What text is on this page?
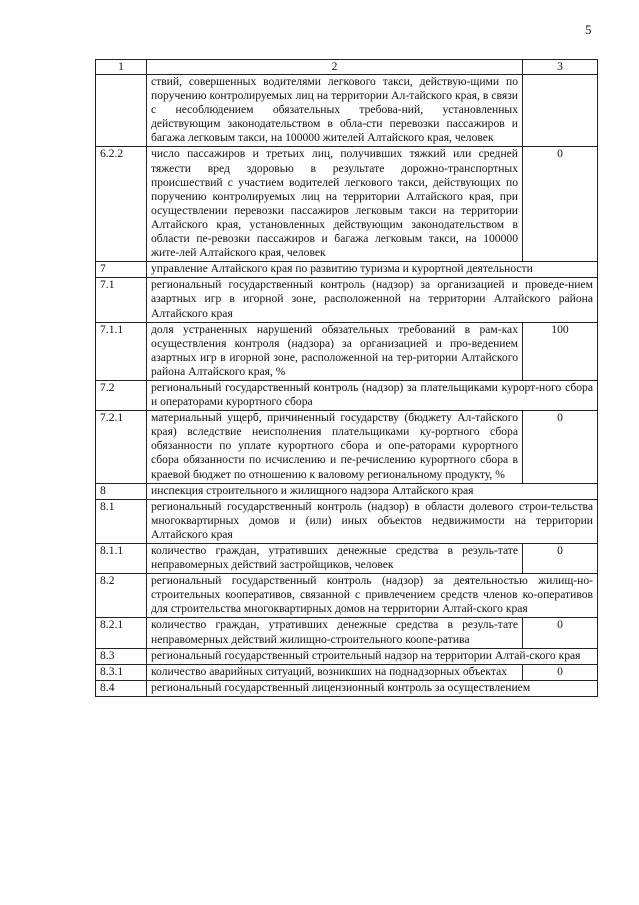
5
1	2	3
	ствий, совершенных водителями легкового такси, действую-щими по поручению контролируемых лиц на территории Ал-тайского края, в связи с несоблюдением обязательных требова-ний, установленных действующим законодательством в обла-сти перевозки пассажиров и багажа легковым такси, на 100000 жителей Алтайского края, человек	
6.2.2	число пассажиров и третьих лиц, получивших тяжкий или средней тяжести вред здоровью в результате дорожно-транспортных происшествий с участием водителей легкового такси, действующих по поручению контролируемых лиц на территории Алтайского края, при осуществлении перевозки пассажиров легковым такси на территории Алтайского края, установленных действующим законодательством в области пе-ревозки пассажиров и багажа легковым такси, на 100000 жите-лей Алтайского края, человек	0
7	управление Алтайского края по развитию туризма и курортной деятельности	
7.1	региональный государственный контроль (надзор) за организацией и проведе-нием азартных игр в игорной зоне, расположенной на территории Алтайского района Алтайского края	
7.1.1	доля устраненных нарушений обязательных требований в рам-ках осуществления контроля (надзора) за организацией и про-ведением азартных игр в игорной зоне, расположенной на тер-ритории Алтайского района Алтайского края, %	100
7.2	региональный государственный контроль (надзор) за плательщиками курорт-ного сбора и операторами курортного сбора	
7.2.1	материальный ущерб, причиненный государству (бюджету Ал-тайского края) вследствие неисполнения плательщиками ку-рортного сбора обязанности по уплате курортного сбора и опе-раторами курортного сбора обязанности по исчислению и пе-речислению курортного сбора в краевой бюджет по отношению к валовому региональному продукту, %	0
8	инспекция строительного и жилищного надзора Алтайского края	
8.1	региональный государственный контроль (надзор) в области долевого строи-тельства многоквартирных домов и (или) иных объектов недвижимости на территории Алтайского края	
8.1.1	количество граждан, утративших денежные средства в резуль-тате неправомерных действий застройщиков, человек	0
8.2	региональный государственный контроль (надзор) за деятельностью жилищ-но-строительных кооперативов, связанной с привлечением средств членов ко-оперативов для строительства многоквартирных домов на территории Алтай-ского края	
8.2.1	количество граждан, утративших денежные средства в резуль-тате неправомерных действий жилищно-строительного коопе-ратива	0
8.3	региональный государственный строительный надзор на территории Алтай-ского края	
8.3.1	количество аварийных ситуаций, возникших на поднадзорных объектах	0
8.4	региональный государственный лицензионный контроль за осуществлением	
